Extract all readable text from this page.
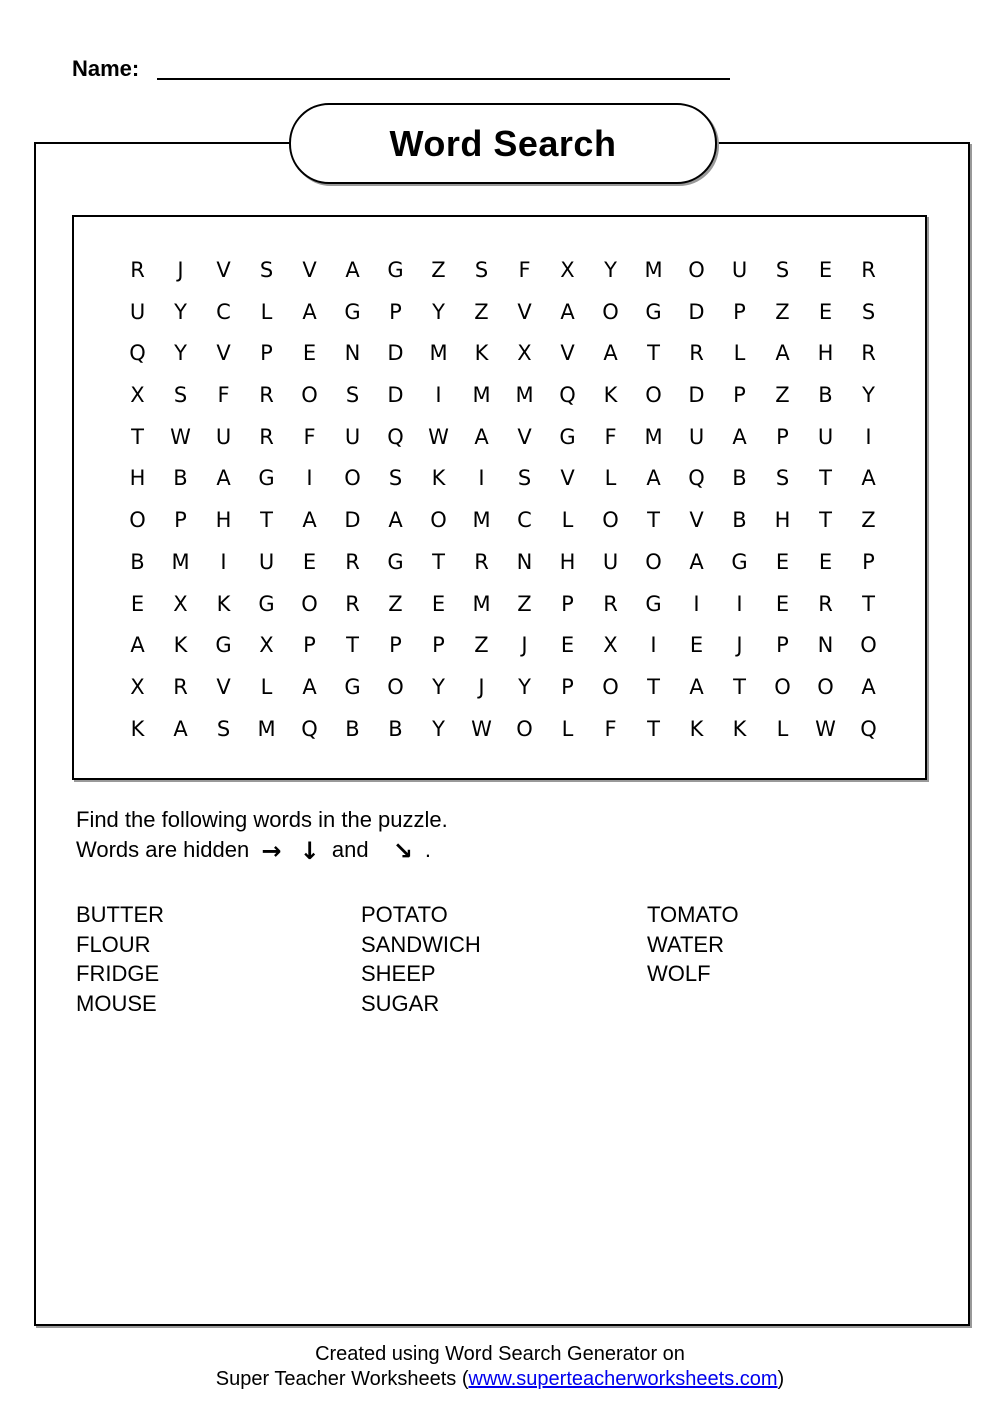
Name:
Word Search
R	J	V	S	V	A	G	Z	S	F	X	Y	M	O	U	S	E	R
U	Y	C	L	A	G	P	Y	Z	V	A	O	G	D	P	Z	E	S
Q	Y	V	P	E	N	D	M	K	X	V	A	T	R	L	A	H	R
X	S	F	R	O	S	D	I	M	M	Q	K	O	D	P	Z	B	Y
T	W	U	R	F	U	Q	W	A	V	G	F	M	U	A	P	U	I
H	B	A	G	I	O	S	K	I	S	V	L	A	Q	B	S	T	A
O	P	H	T	A	D	A	O	M	C	L	O	T	V	B	H	T	Z
B	M	I	U	E	R	G	T	R	N	H	U	O	A	G	E	E	P
E	X	K	G	O	R	Z	E	M	Z	P	R	G	I	I	E	R	T
A	K	G	X	P	T	P	P	Z	J	E	X	I	E	J	P	N	O
X	R	V	L	A	G	O	Y	J	Y	P	O	T	A	T	O	O	A
K	A	S	M	Q	B	B	Y	W	O	L	F	T	K	K	L	W	Q
Find the following words in the puzzle.
Words are hidden → ↓ and ↘ .
BUTTER
FLOUR
FRIDGE
MOUSE
POTATO
SANDWICH
SHEEP
SUGAR
TOMATO
WATER
WOLF
Created using Word Search Generator on
Super Teacher Worksheets (www.superteacherworksheets.com)
